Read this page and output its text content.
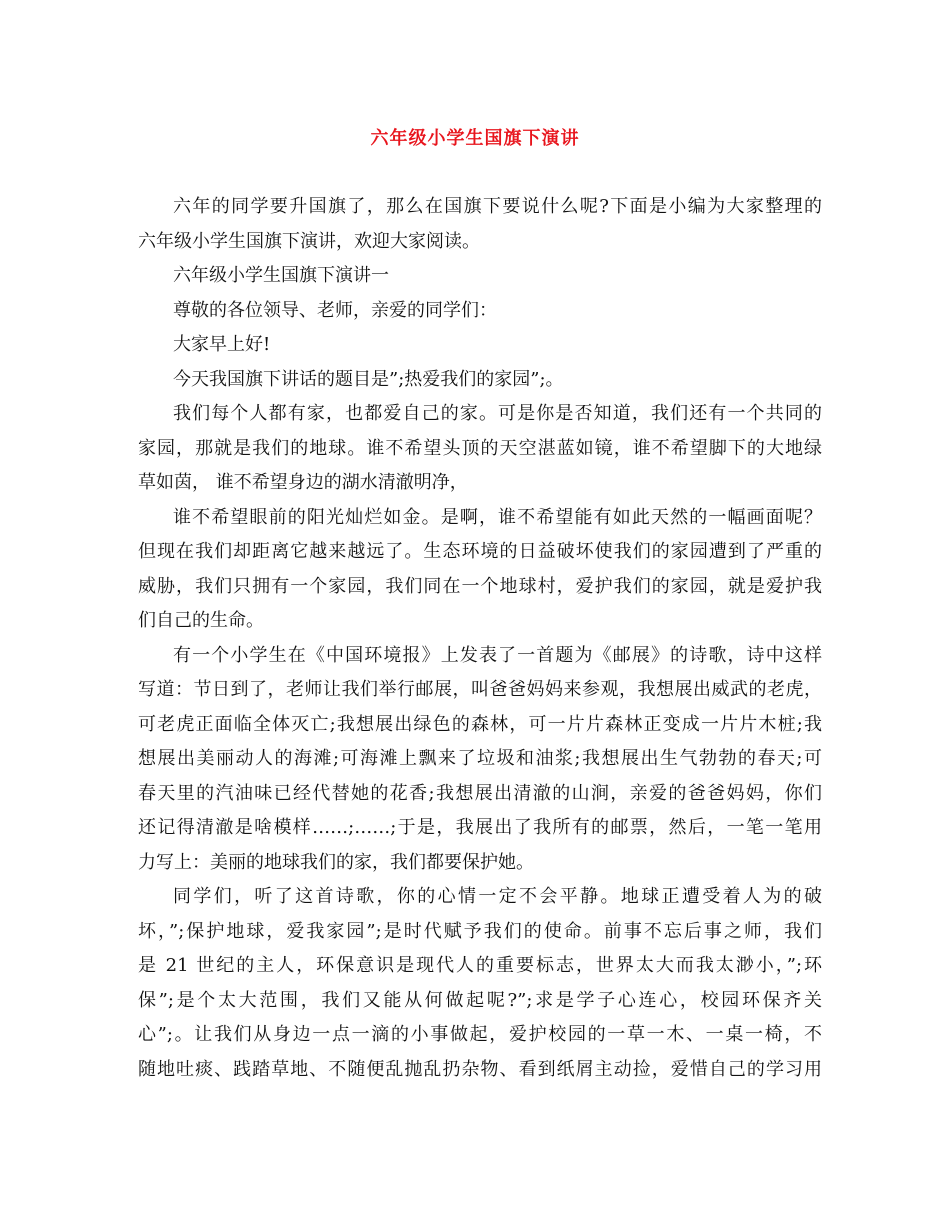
六年级小学生国旗下演讲
六年的同学要升国旗了，那么在国旗下要说什么呢?下面是小编为大家整理的
六年级小学生国旗下演讲，欢迎大家阅读。
六年级小学生国旗下演讲一
尊敬的各位领导、老师，亲爱的同学们：
大家早上好!
今天我国旗下讲话的题目是”;热爱我们的家园”;。
我们每个人都有家，也都爱自己的家。可是你是否知道，我们还有一个共同的
家园，那就是我们的地球。谁不希望头顶的天空湛蓝如镜，谁不希望脚下的大地绿
草如茵， 谁不希望身边的湖水清澈明净，
谁不希望眼前的阳光灿烂如金。是啊，谁不希望能有如此天然的一幅画面呢？
但现在我们却距离它越来越远了。生态环境的日益破坏使我们的家园遭到了严重的
威胁，我们只拥有一个家园，我们同在一个地球村，爱护我们的家园，就是爱护我
们自己的生命。
有一个小学生在《中国环境报》上发表了一首题为《邮展》的诗歌，诗中这样
写道：节日到了，老师让我们举行邮展，叫爸爸妈妈来参观，我想展出威武的老虎，
可老虎正面临全体灭亡;我想展出绿色的森林，可一片片森林正变成一片片木桩;我
想展出美丽动人的海滩;可海滩上飘来了垃圾和油浆;我想展出生气勃勃的春天;可
春天里的汽油味已经代替她的花香;我想展出清澈的山涧，亲爱的爸爸妈妈，你们
还记得清澈是啥模样……;……;于是，我展出了我所有的邮票，然后，一笔一笔用
力写上：美丽的地球我们的家，我们都要保护她。
同学们，听了这首诗歌，你的心情一定不会平静。地球正遭受着人为的破
坏，”;保护地球，爱我家园”;是时代赋予我们的使命。前事不忘后事之师，我们
是 21 世纪的主人，环保意识是现代人的重要标志，世界太大而我太渺小，”;环
保”;是个太大范围，我们又能从何做起呢?”;求是学子心连心，校园环保齐关
心”;。让我们从身边一点一滴的小事做起，爱护校园的一草一木、一桌一椅，不
随地吐痰、践踏草地、不随便乱抛乱扔杂物、看到纸屑主动捡，爱惜自己的学习用
